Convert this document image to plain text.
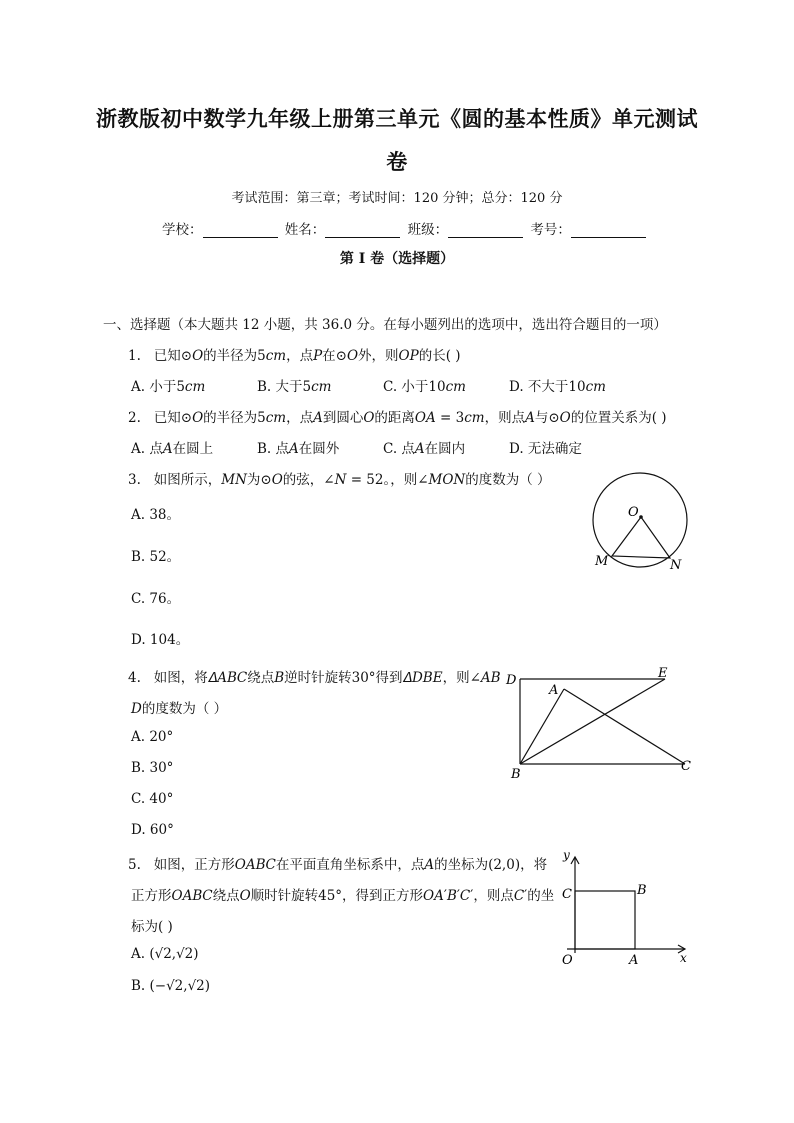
浙教版初中数学九年级上册第三单元《圆的基本性质》单元测试
卷
考试范围：第三章；考试时间：120 分钟；总分：120 分
学校：	姓名：	班级：	考号：
第 I 卷（选择题）
一、选择题（本大题共 12 小题，共 36.0 分。在每小题列出的选项中，选出符合题目的一项）
1. 已知⊙𝑂的半径为5𝑐𝑚，点𝑃在⊙𝑂外，则𝑂𝑃的长( )
A. 小于5𝑐𝑚	B. 大于5𝑐𝑚	C. 小于10𝑐𝑚	D. 不大于10𝑐𝑚
2. 已知⊙𝑂的半径为5𝑐𝑚，点𝐴到圆心𝑂的距离𝑂𝐴 = 3𝑐𝑚，则点𝐴与⊙𝑂的位置关系为( )
A. 点𝐴在圆上	B. 点𝐴在圆外	C. 点𝐴在圆内	D. 无法确定
3. 如图所示，𝑀𝑁为⊙𝑂的弦，∠𝑁 = 52。，则∠𝑀𝑂𝑁的度数为（ ）
A. 38。
B. 52。
C. 76。
D. 104。
O
M	N
4. 如图，将𝛥𝐴𝐵𝐶绕点𝐵逆时针旋转30°得到𝛥𝐷𝐵𝐸，则∠𝐴𝐵
𝐷的度数为（ ）
A. 20°
B. 30°
C. 40°
D. 60°
D	E
A
B
C
5. 如图，正方形𝑂𝐴𝐵𝐶在平面直角坐标系中，点𝐴的坐标为(2,0)，将
正方形𝑂𝐴𝐵𝐶绕点𝑂顺时针旋转45°，得到正方形𝑂𝐴′𝐵′𝐶′，则点𝐶′的坐
标为( )
A. (√2,√2)
B. (−√2,√2)
y
x
C	B
O	A
